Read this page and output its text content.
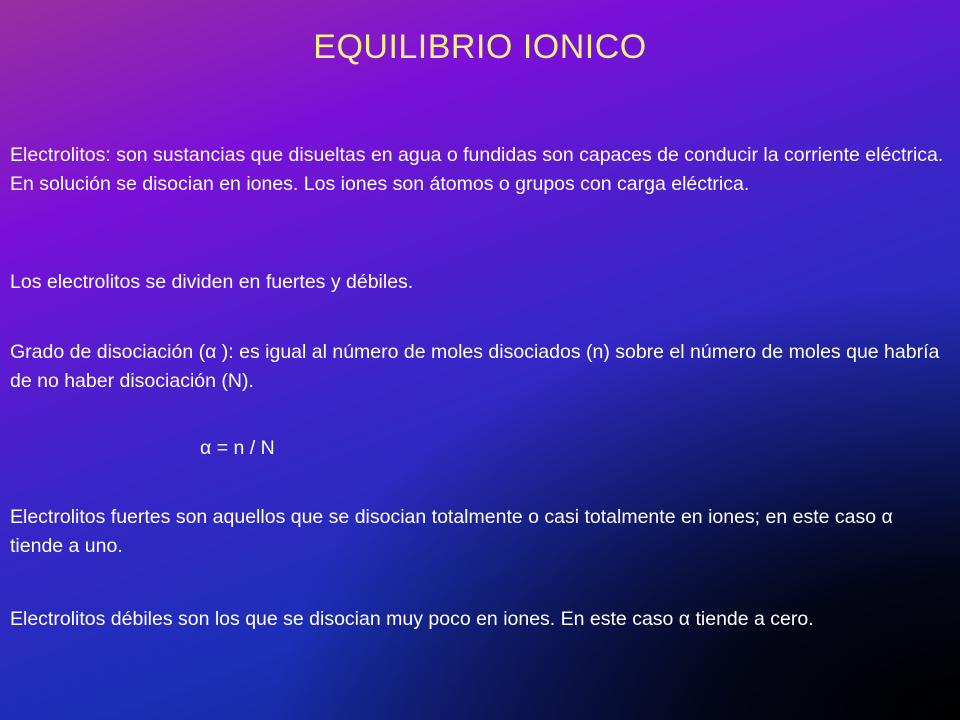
EQUILIBRIO IONICO
Electrolitos: son sustancias que disueltas en agua o fundidas son capaces de conducir la corriente eléctrica. En solución se disocian en iones. Los iones son átomos o grupos con carga eléctrica.
Los electrolitos se dividen en fuertes y débiles.
Grado de disociación (α ): es igual al número de moles disociados (n) sobre el número de moles que habría de no haber disociación (N).
α = n / N
Electrolitos fuertes son aquellos que se disocian totalmente o casi totalmente en iones; en este caso α tiende a uno.
Electrolitos débiles son los que se disocian muy poco en iones. En este caso α tiende a cero.
